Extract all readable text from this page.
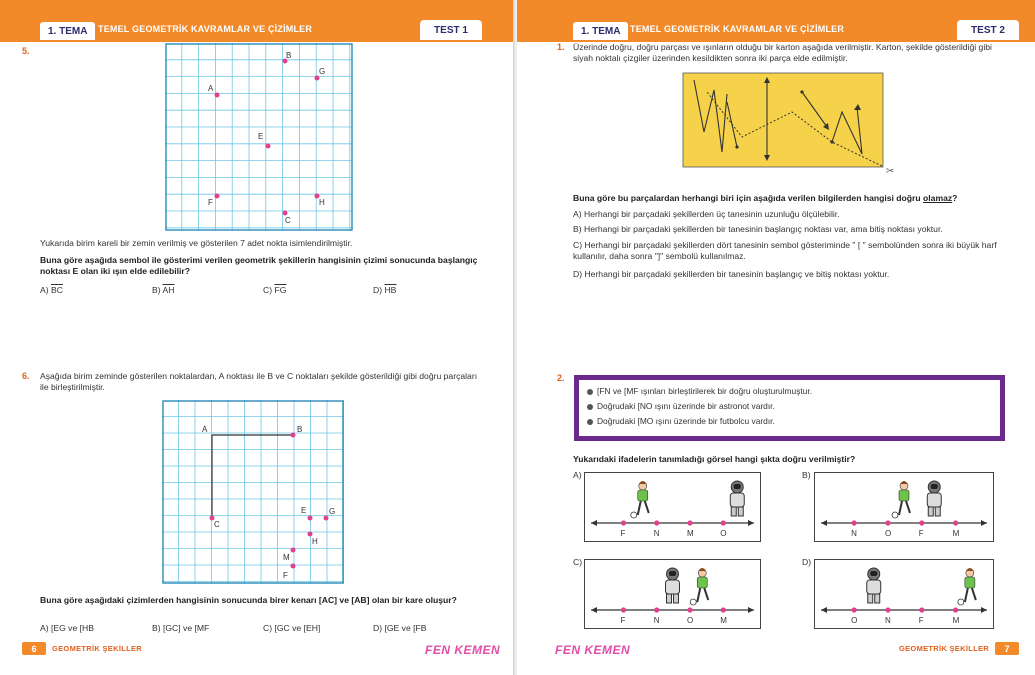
1. TEMA	TEMEL GEOMETRİK KAVRAMLAR VE ÇİZİMLER	TEST 1
5.	B
G
A
E
F	H
C
Yukarıda birim kareli bir zemin verilmiş ve gösterilen 7 adet nokta isimlendirilmiştir.
Buna göre aşağıda sembol ile gösterimi verilen geometrik şekillerin hangisinin çizimi sonucunda başlangıç noktası E olan iki ışın elde edilebilir?
A) $\overline{BC}$	B) $\overline{AH}$	C) $\overline{FG}$	D) $\overline{HB}$
6. Aşağıda birim zeminde gösterilen noktalardan, A noktası ile B ve C noktaları şekilde gösterildiği gibi doğru parçaları ile birleştirilmiştir.
A	B
C
E	G
H
M
F
Buna göre aşağıdaki çizimlerden hangisinin sonucunda birer kenarı [AC] ve [AB] olan bir kare oluşur?
A) [EG ve [HB	B) [GC] ve [MF	C) [GC ve [EH]	D) [GE ve [FB
6	GEOMETRİK ŞEKİLLER	FEN KEMEN
1. TEMA	TEMEL GEOMETRİK KAVRAMLAR VE ÇİZİMLER	TEST 2
1. Üzerinde doğru, doğru parçası ve ışınların olduğu bir karton aşağıda verilmiştir. Karton, şekilde gösterildiği gibi siyah noktalı çizgiler üzerinden kesildikten sonra iki parça elde edilmiştir.
✂
Buna göre bu parçalardan herhangi biri için aşağıda verilen bilgilerden hangisi doğru olamaz?
A) Herhangi bir parçadaki şekillerden üç tanesinin uzunluğu ölçülebilir.
B) Herhangi bir parçadaki şekillerden bir tanesinin başlangıç noktası var, ama bitiş noktası yoktur.
C) Herhangi bir parçadaki şekillerden dört tanesinin sembol gösteriminde " [ " sembolünden sonra iki büyük harf kullanılır, daha sonra "]" sembolü kullanılmaz.
D) Herhangi bir parçadaki şekillerden bir tanesinin başlangıç ve bitiş noktası yoktur.
2.
[FN ve [MF ışınları birleştirilerek bir doğru oluşturulmuştur.
Doğrudaki [NO ışını üzerinde bir astronot vardır.
Doğrudaki [MO ışını üzerinde bir futbolcu vardır.
Yukarıdaki ifadelerin tanımladığı görsel hangi şıkta doğru verilmiştir?
A)
F	N	M	O
B)
N	O	F	M
C)
F	N	O	M
D)
O	N	F	M
FEN KEMEN	GEOMETRİK ŞEKİLLER	7
